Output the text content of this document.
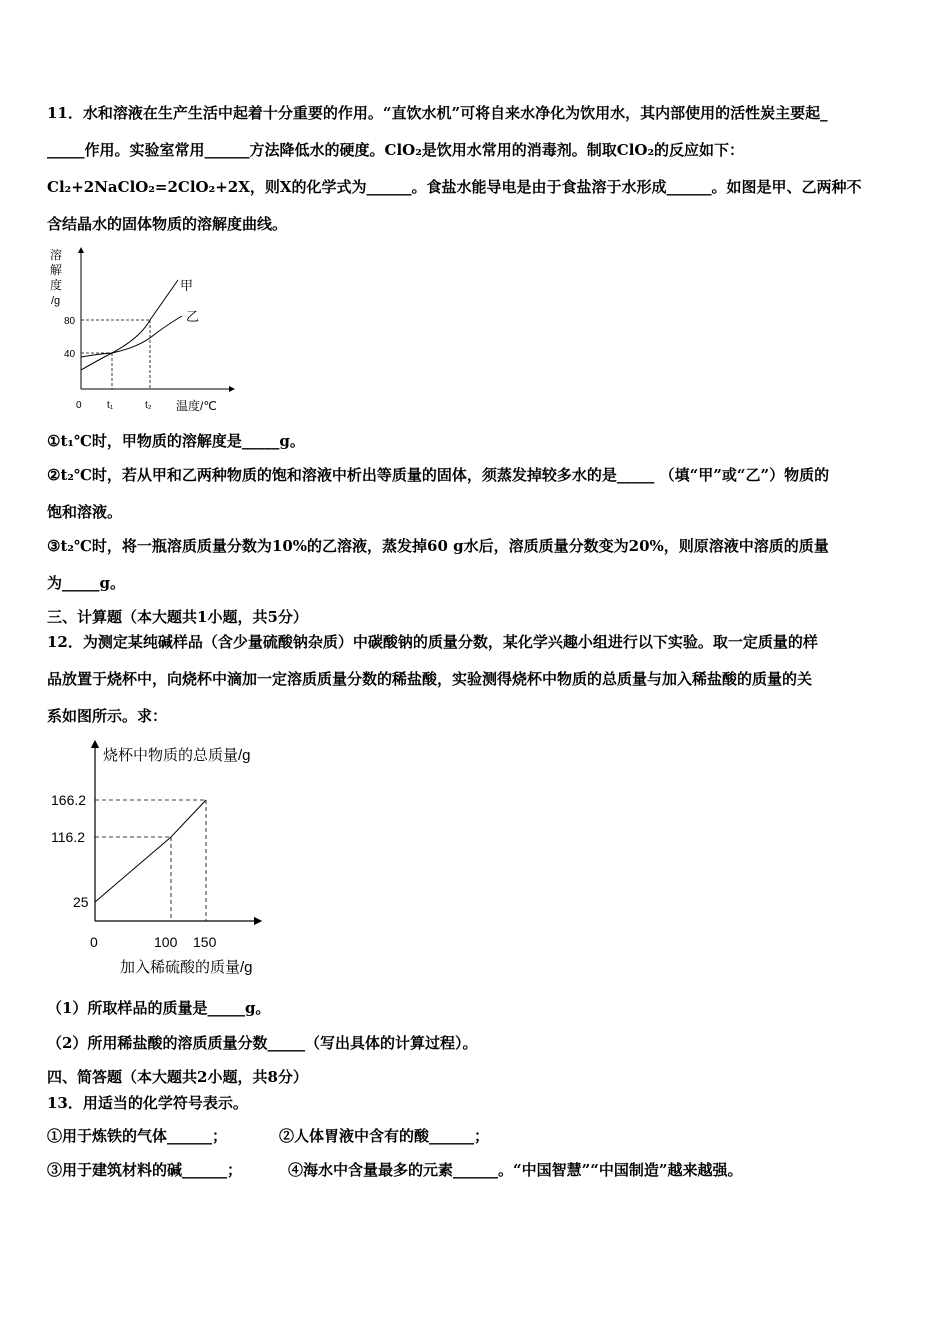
11．水和溶液在生产生活中起着十分重要的作用。“直饮水机”可将自来水净化为饮用水，其内部使用的活性炭主要起_
_____作用。实验室常用______方法降低水的硬度。ClO₂是饮用水常用的消毒剂。制取ClO₂的反应如下：
Cl₂+2NaClO₂=2ClO₂+2X，则X的化学式为______。食盐水能导电是由于食盐溶于水形成______。如图是甲、乙两种不
含结晶水的固体物质的溶解度曲线。
溶
解
度
/g
80
40
0	t₁	t₂ 温度/℃
甲
乙
①t₁℃时，甲物质的溶解度是_____g。
②t₂℃时，若从甲和乙两种物质的饱和溶液中析出等质量的固体，须蒸发掉较多水的是_____ （填“甲”或“乙”）物质的
饱和溶液。
③t₂℃时，将一瓶溶质质量分数为10%的乙溶液，蒸发掉60 g水后，溶质质量分数变为20%，则原溶液中溶质的质量
为_____g。
三、计算题（本大题共1小题，共5分）
12．为测定某纯碱样品（含少量硫酸钠杂质）中碳酸钠的质量分数，某化学兴趣小组进行以下实验。取一定质量的样
品放置于烧杯中，向烧杯中滴加一定溶质质量分数的稀盐酸，实验测得烧杯中物质的总质量与加入稀盐酸的质量的关
系如图所示。求：
烧杯中物质的总质量/g
166.2
116.2
25
0	100 150
加入稀硫酸的质量/g
（1）所取样品的质量是_____g。
（2）所用稀盐酸的溶质质量分数_____（写出具体的计算过程）。
四、简答题（本大题共2小题，共8分）
13．用适当的化学符号表示。
①用于炼铁的气体______；	②人体胃液中含有的酸______；
③用于建筑材料的碱______；	④海水中含量最多的元素______。“中国智慧”“中国制造”越来越强。
